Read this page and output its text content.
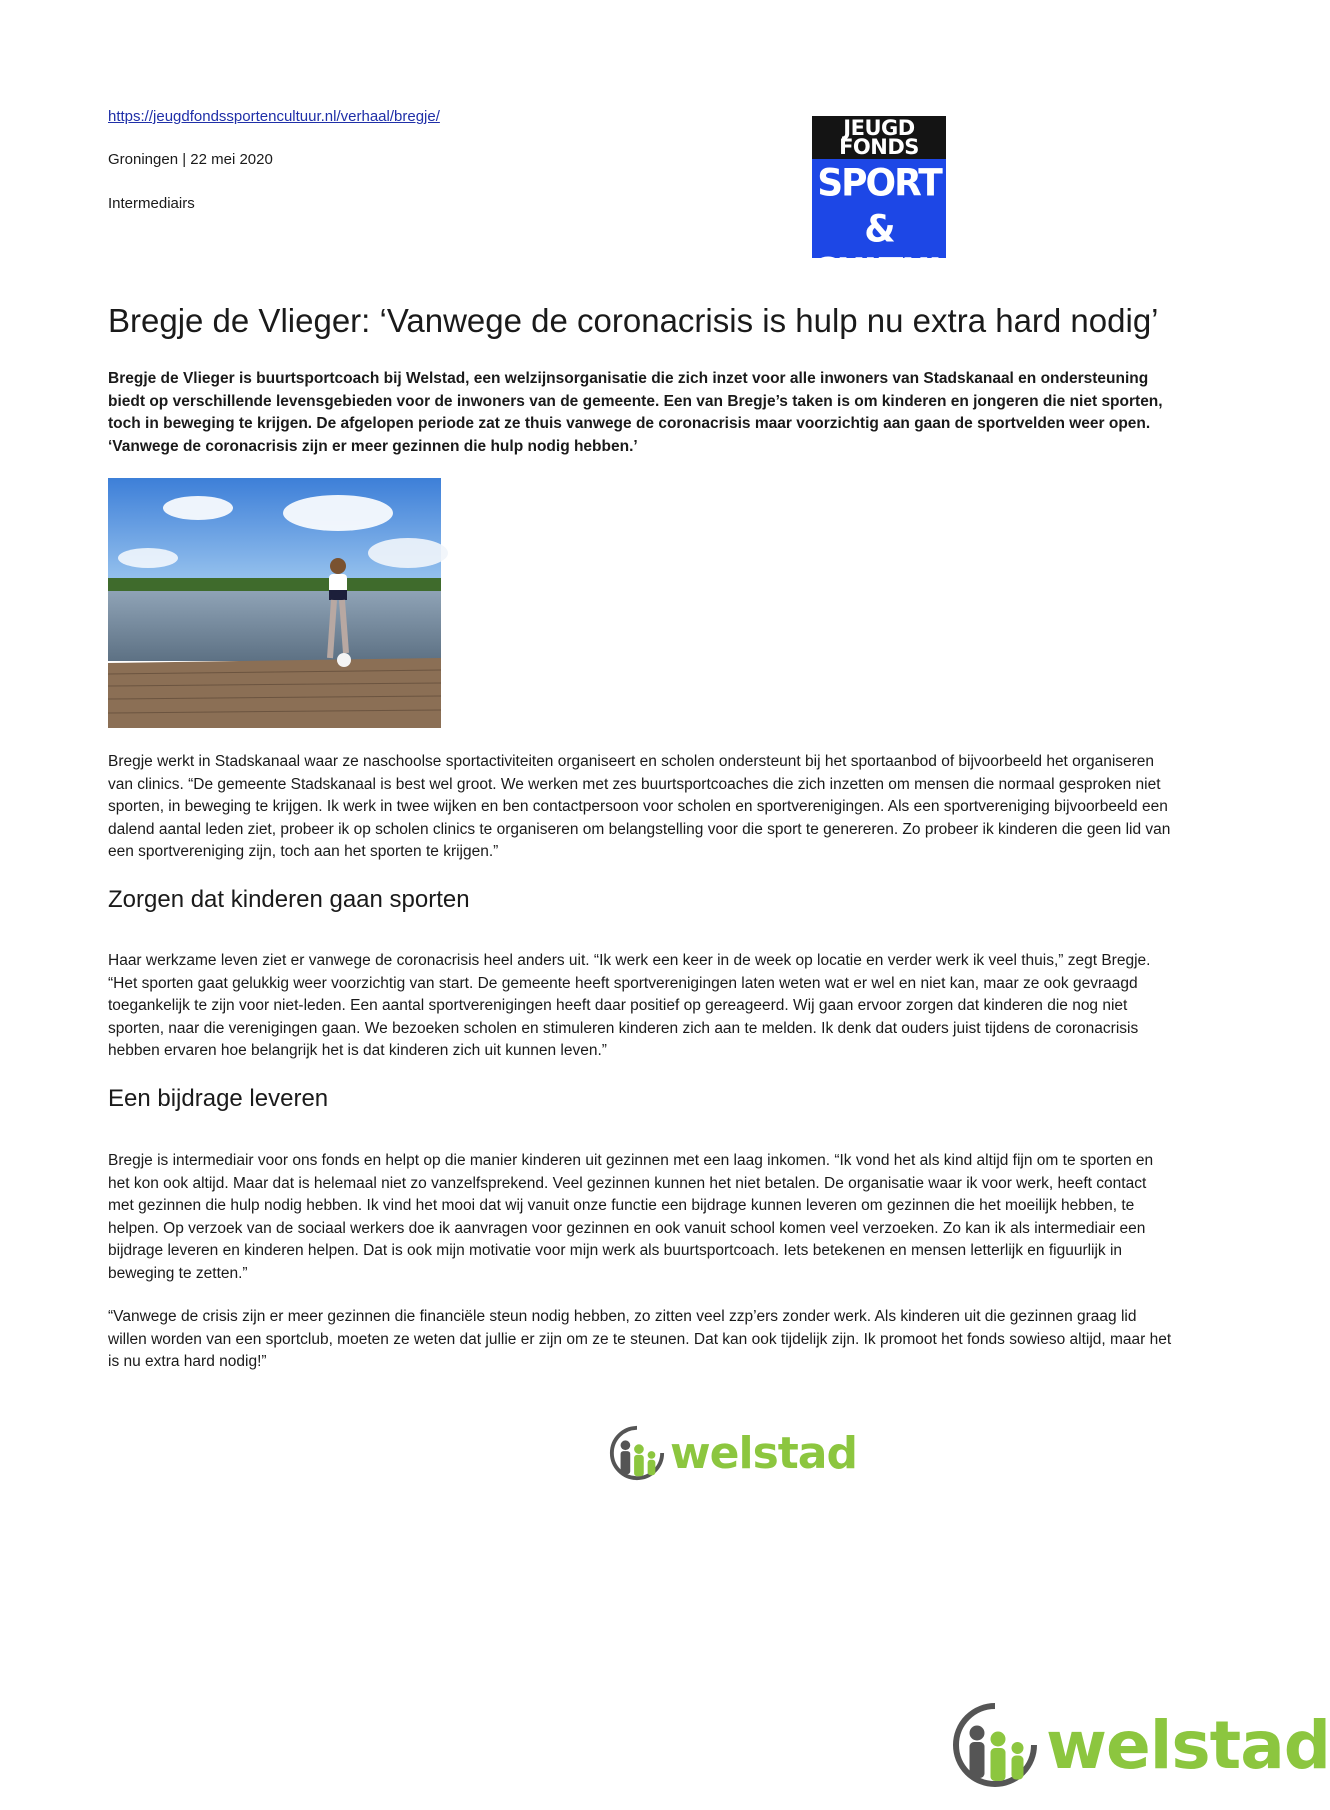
https://jeugdfondssportencultuur.nl/verhaal/bregje/
Groningen | 22 mei 2020
Intermediairs
JEUGD
FONDS
SPORT &
CULTUUR
Bregje de Vlieger: ‘Vanwege de coronacrisis is hulp nu extra hard nodig’

Bregje de Vlieger is buurtsportcoach bij Welstad, een welzijnsorganisatie die zich inzet voor alle inwoners van Stadskanaal en ondersteuning biedt op verschillende levensgebieden voor de inwoners van de gemeente. Een van Bregje’s taken is om kinderen en jongeren die niet sporten, toch in beweging te krijgen. De afgelopen periode zat ze thuis vanwege de coronacrisis maar voorzichtig aan gaan de sportvelden weer open. ‘Vanwege de coronacrisis zijn er meer gezinnen die hulp nodig hebben.’

Bregje werkt in Stadskanaal waar ze naschoolse sportactiviteiten organiseert en scholen ondersteunt bij het sportaanbod of bijvoorbeeld het organiseren van clinics. “De gemeente Stadskanaal is best wel groot. We werken met zes buurtsportcoaches die zich inzetten om mensen die normaal gesproken niet sporten, in beweging te krijgen. Ik werk in twee wijken en ben contactpersoon voor scholen en sportverenigingen. Als een sportvereniging bijvoorbeeld een dalend aantal leden ziet, probeer ik op scholen clinics te organiseren om belangstelling voor die sport te genereren. Zo probeer ik kinderen die geen lid van een sportvereniging zijn, toch aan het sporten te krijgen.”

Zorgen dat kinderen gaan sporten

Haar werkzame leven ziet er vanwege de coronacrisis heel anders uit. “Ik werk een keer in de week op locatie en verder werk ik veel thuis,” zegt Bregje. “Het sporten gaat gelukkig weer voorzichtig van start. De gemeente heeft sportverenigingen laten weten wat er wel en niet kan, maar ze ook gevraagd toegankelijk te zijn voor niet-leden. Een aantal sportverenigingen heeft daar positief op gereageerd. Wij gaan ervoor zorgen dat kinderen die nog niet sporten, naar die verenigingen gaan. We bezoeken scholen en stimuleren kinderen zich aan te melden. Ik denk dat ouders juist tijdens de coronacrisis hebben ervaren hoe belangrijk het is dat kinderen zich uit kunnen leven.”

Een bijdrage leveren

Bregje is intermediair voor ons fonds en helpt op die manier kinderen uit gezinnen met een laag inkomen. “Ik vond het als kind altijd fijn om te sporten en het kon ook altijd. Maar dat is helemaal niet zo vanzelfsprekend. Veel gezinnen kunnen het niet betalen. De organisatie waar ik voor werk, heeft contact met gezinnen die hulp nodig hebben. Ik vind het mooi dat wij vanuit onze functie een bijdrage kunnen leveren om gezinnen die het moeilijk hebben, te helpen. Op verzoek van de sociaal werkers doe ik aanvragen voor gezinnen en ook vanuit school komen veel verzoeken. Zo kan ik als intermediair een bijdrage leveren en kinderen helpen. Dat is ook mijn motivatie voor mijn werk als buurtsportcoach. Iets betekenen en mensen letterlijk en figuurlijk in beweging te zetten.”

“Vanwege de crisis zijn er meer gezinnen die financiële steun nodig hebben, zo zitten veel zzp’ers zonder werk. Als kinderen uit die gezinnen graag lid willen worden van een sportclub, moeten ze weten dat jullie er zijn om ze te steunen. Dat kan ook tijdelijk zijn. Ik promoot het fonds sowieso altijd, maar het is nu extra hard nodig!”

welstad
welstad
